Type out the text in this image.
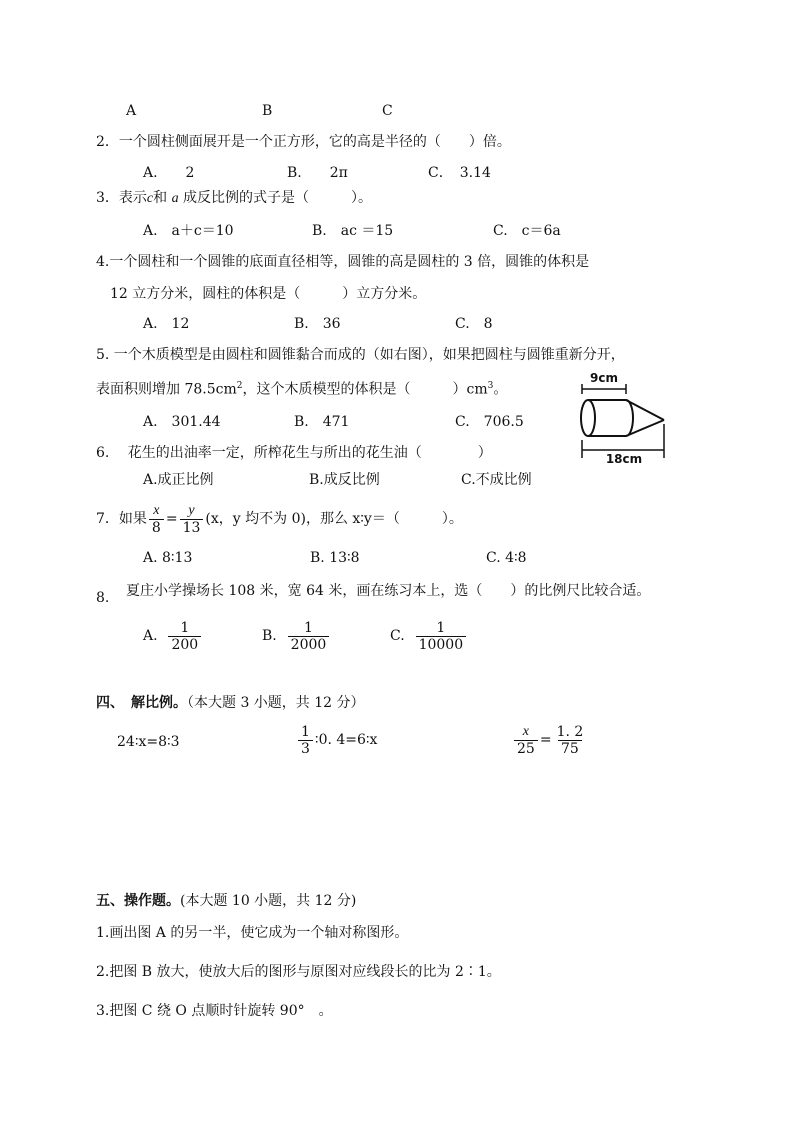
A	B	C
2．一个圆柱侧面展开是一个正方形，它的高是半径的（　　）倍。
A.　　2	B.　　2π	C．　3.14
3．表示c和 a 成反比例的式子是（　　　）。
A.　a＋c＝10	B.　ac ＝15	C.　c＝6a
4.一个圆柱和一个圆锥的底面直径相等，圆锥的高是圆柱的 3 倍，圆锥的体积是
12 立方分米，圆柱的体积是（　　　）立方分米。
A.　12	B.　36	C.　8
5. 一个木质模型是由圆柱和圆锥黏合而成的（如右图），如果把圆柱与圆锥重新分开，
表面积则增加 $78.5cm^2$，这个木质模型的体积是（　　　）$cm^3$。
A.　301.44	B.　471	C.　706.5
9cm
18cm
6.　 花生的出油率一定，所榨花生与所出的花生油（　　　　）
A.成正比例	B.成反比例	C.不成比例
7．如果 $\frac{x}{8} = \frac{y}{13} (x$，y 均不为 0)，那么 x∶y＝（　　　）。
A. 8∶13	B. 13∶8	C. 4∶8
8. 夏庄小学操场长 108 米，宽 64 米，画在练习本上，选（　　）的比例尺比较合适。
A. $\frac{1}{200}$	B. $\frac{1}{2000}$	C. $\frac{1}{10000}$
四、　解比例。（本大题 3 小题，共 12 分）
24∶x=8∶3	$\frac{1}{3}$ ∶0. 4=6∶x	$\frac{x}{25} = \frac{1. 2}{75}$
五、操作题。(本大题 10 小题，共 12 分)
1.画出图 A 的另一半，使它成为一个轴对称图形。
2.把图 B 放大，使放大后的图形与原图对应线段长的比为 2∶1。
3.把图 C 绕 O 点顺时针旋转 90°　。
